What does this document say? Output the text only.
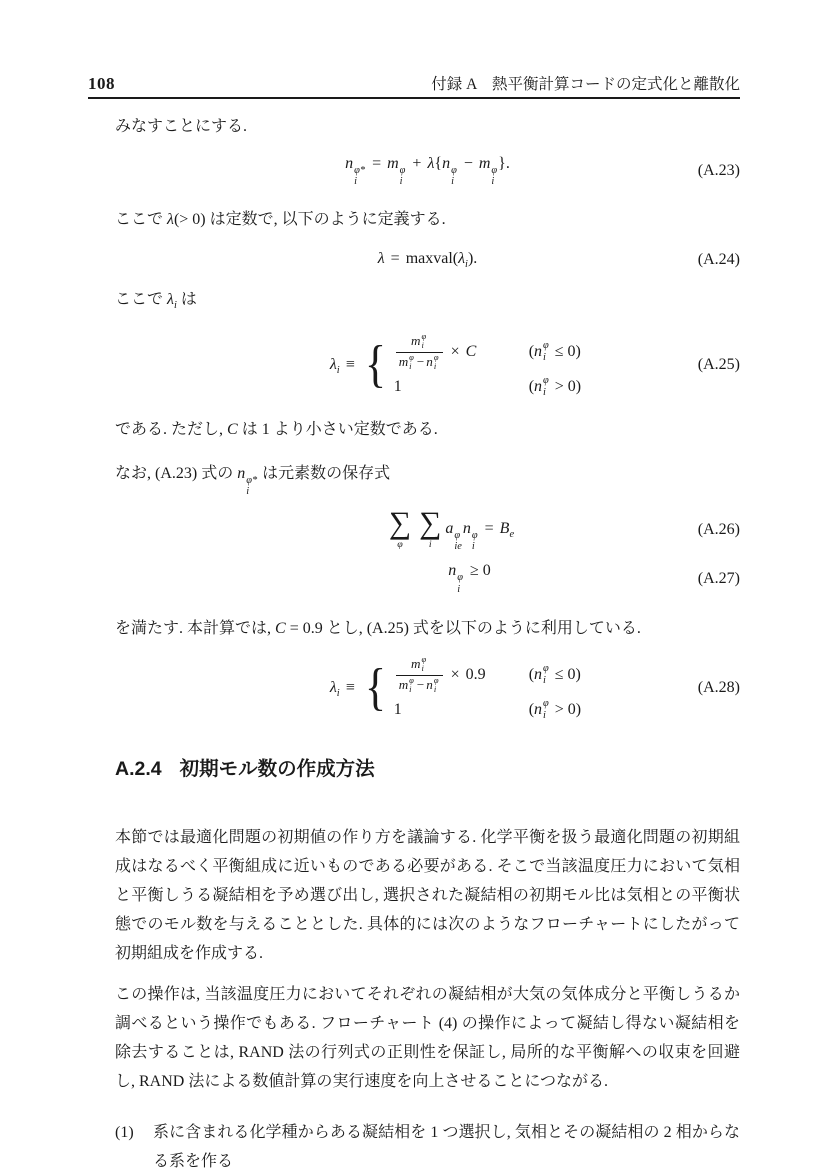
108	付録 A　熱平衡計算コードの定式化と離散化

みなすことにする.

n φ*
i
= m φ
i
+ λ{n φ
i
− m φ
i
}.	(A.23)

ここで λ(> 0) は定数で, 以下のように定義する.

$\lambda = maxval(\lambda_i)$.	(A.24)

ここで $\lambda_i$ は

$\lambda_i$ ≡ { m φ
i
m φ
i − n φ
i × C	( n φ
i ≤ 0)
1	( n φ
i > 0)
(A.25)

である. ただし, C は 1 より小さい定数である.

なお, (A.23) 式の n φ*
i
は元素数の保存式

∑
φ
∑
i
a φ
ie
n φ
i
= $B_e$	(A.26)
n φ
i
≥ 0	(A.27)

を満たす. 本計算では, C = 0.9 とし, (A.25) 式を以下のように利用している.

$\lambda_i$ ≡ { m φ
i
m φ
i − n φ
i × 0.9	( n φ
i ≤ 0)
1	( n φ
i > 0)
(A.28)
A.2.4 初期モル数の作成方法

本節では最適化問題の初期値の作り方を議論する. 化学平衡を扱う最適化問題の初期組成はなるべく平衡組成に近いものである必要がある. そこで当該温度圧力において気相と平衡しうる凝結相を予め選び出し, 選択された凝結相の初期モル比は気相との平衡状態でのモル数を与えることとした. 具体的には次のようなフローチャートにしたがって初期組成を作成する.

この操作は, 当該温度圧力においてそれぞれの凝結相が大気の気体成分と平衡しうるか調べるという操作でもある. フローチャート (4) の操作によって凝結し得ない凝結相を除去することは, RAND 法の行列式の正則性を保証し, 局所的な平衡解への収束を回避し, RAND 法による数値計算の実行速度を向上させることにつながる.

(1)	系に含まれる化学種からある凝結相を 1 つ選択し, 気相とその凝結相の 2 相からなる系を作る
